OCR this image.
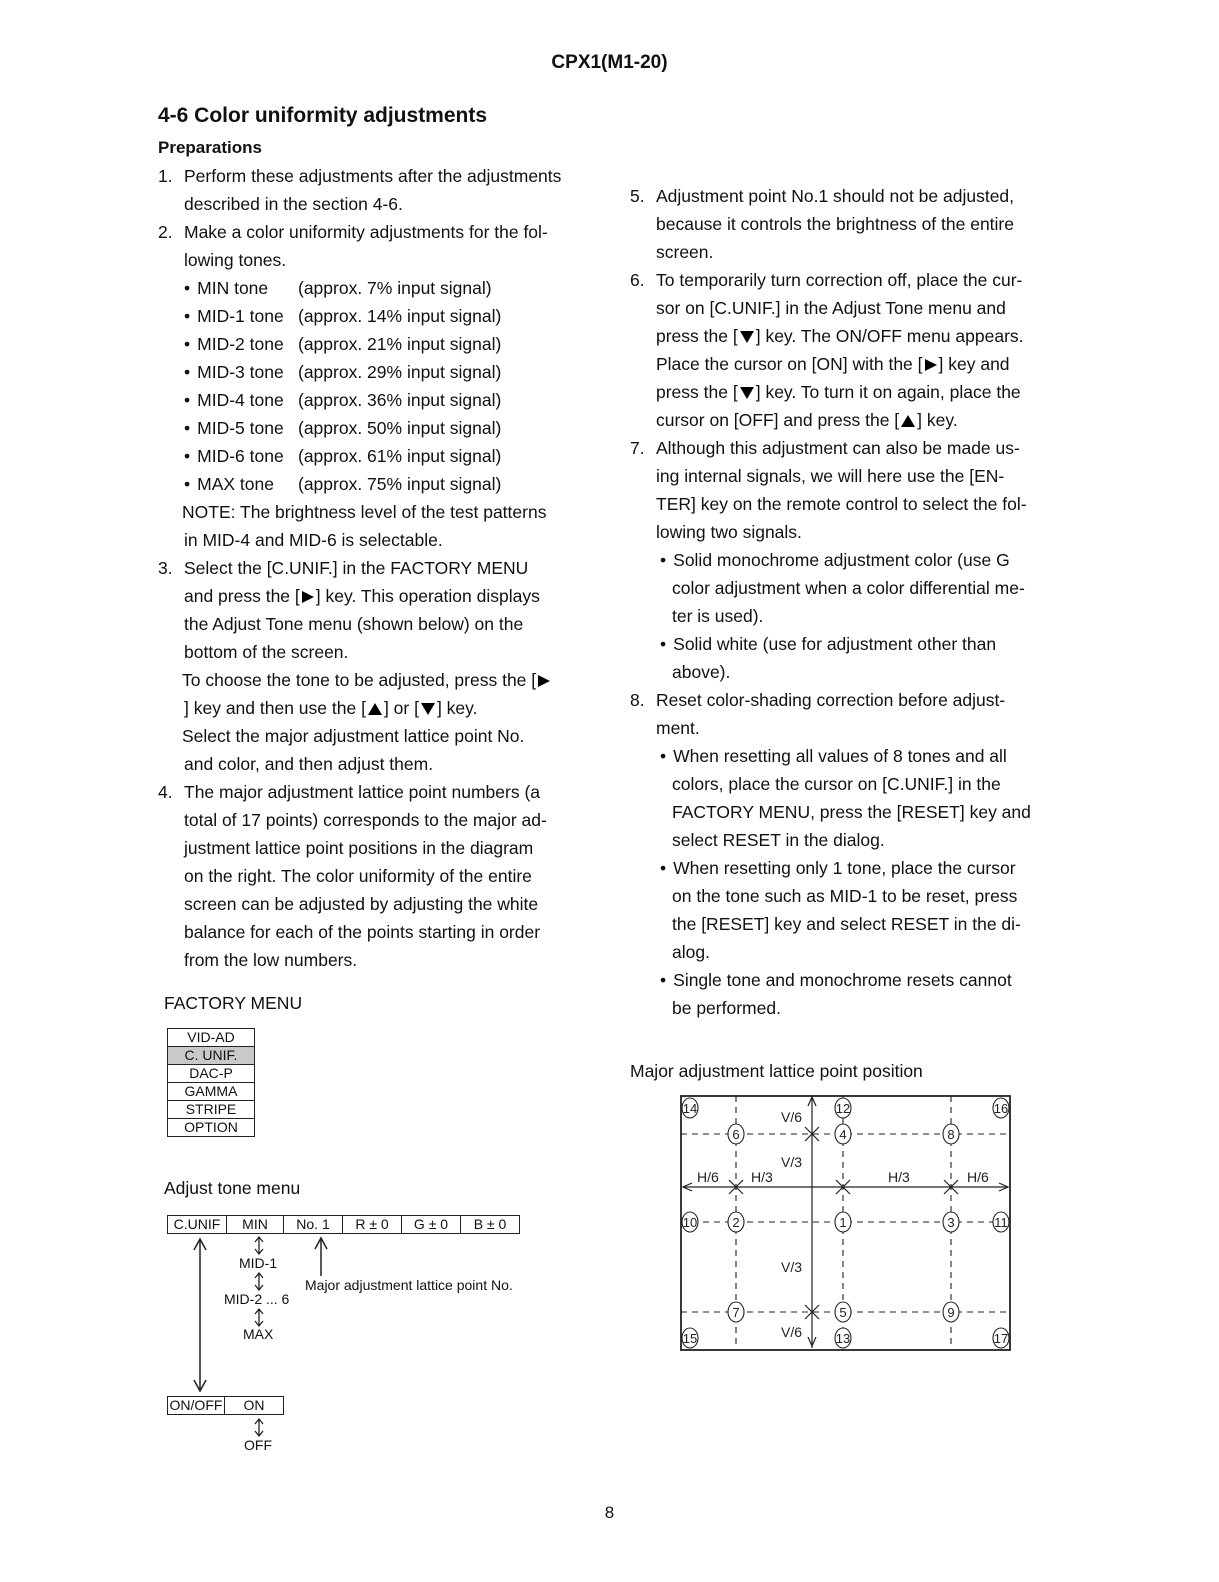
CPX1(M1-20)
4-6 Color uniformity adjustments
Preparations
1. Perform these adjustments after the adjustments
described in the section 4-6.
2. Make a color uniformity adjustments for the fol-
lowing tones.
• MIN tone (approx. 7% input signal)
• MID-1 tone (approx. 14% input signal)
• MID-2 tone (approx. 21% input signal)
• MID-3 tone (approx. 29% input signal)
• MID-4 tone (approx. 36% input signal)
• MID-5 tone (approx. 50% input signal)
• MID-6 tone (approx. 61% input signal)
• MAX tone (approx. 75% input signal)
NOTE: The brightness level of the test patterns
in MID-4 and MID-6 is selectable.
3. Select the [C.UNIF.] in the FACTORY MENU
and press the [ ] key. This operation displays
the Adjust Tone menu (shown below) on the
bottom of the screen.
To choose the tone to be adjusted, press the [
] key and then use the [ ] or [ ] key.
Select the major adjustment lattice point No.
and color, and then adjust them.
4. The major adjustment lattice point numbers (a
total of 17 points) corresponds to the major ad-
justment lattice point positions in the diagram
on the right. The color uniformity of the entire
screen can be adjusted by adjusting the white
balance for each of the points starting in order
from the low numbers.
FACTORY MENU
VID-AD
C. UNIF.
DAC-P
GAMMA
STRIPE
OPTION
Adjust tone menu
C.UNIF	MIN	No. 1	R ± 0	G ± 0	B ± 0
MID-1
MID-2 ... 6
MAX
Major adjustment lattice point No.
ON/OFF	ON
OFF
5. Adjustment point No.1 should not be adjusted,
because it controls the brightness of the entire
screen.
6. To temporarily turn correction off, place the cur-
sor on [C.UNIF.] in the Adjust Tone menu and
press the [ ] key. The ON/OFF menu appears.
Place the cursor on [ON] with the [ ] key and
press the [ ] key. To turn it on again, place the
cursor on [OFF] and press the [ ] key.
7. Although this adjustment can also be made us-
ing internal signals, we will here use the [EN-
TER] key on the remote control to select the fol-
lowing two signals.
• Solid monochrome adjustment color (use G
color adjustment when a color differential me-
ter is used).
• Solid white (use for adjustment other than
above).
8. Reset color-shading correction before adjust-
ment.
• When resetting all values of 8 tones and all
colors, place the cursor on [C.UNIF.] in the
FACTORY MENU, press the [RESET] key and
select RESET in the dialog.
• When resetting only 1 tone, place the cursor
on the tone such as MID-1 to be reset, press
the [RESET] key and select RESET in the di-
alog.
• Single tone and monochrome resets cannot
be performed.
Major adjustment lattice point position
V/6
V/3
H/6 H/3	H/3	H/6
V/3
V/6
14	12	16
6	4	8
10	2	1	3	11
7	5	9
15	13	17
8
